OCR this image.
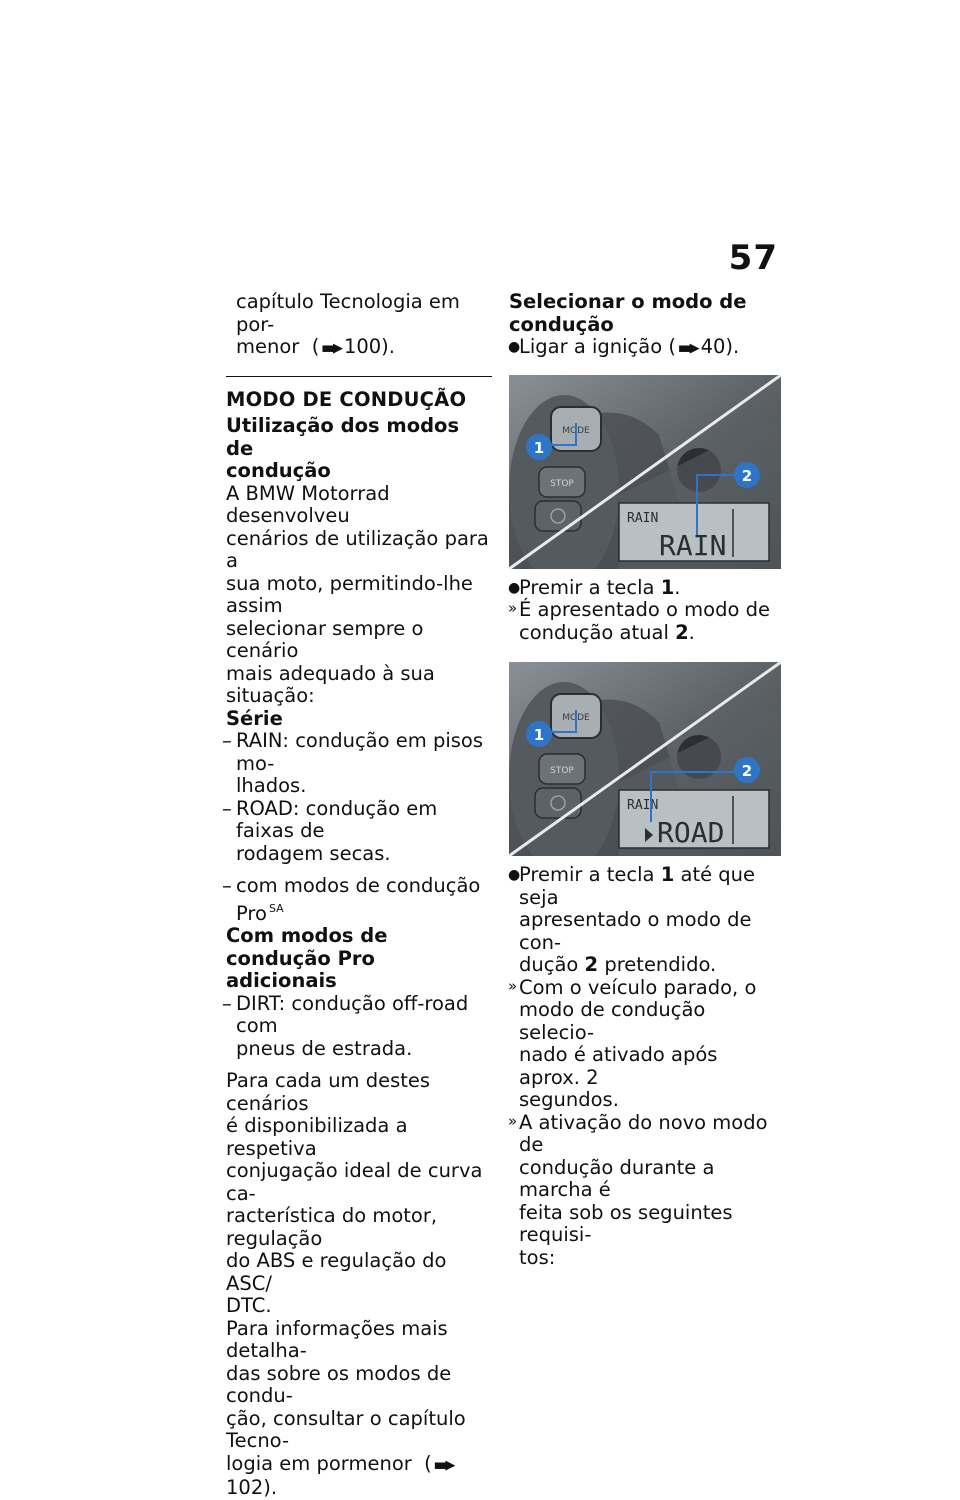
57

capítulo Tecnologia em por-

menor  ( ▪▪▶ 100).

MODO DE CONDUÇÃO

Utilização dos modos de

condução

A BMW Motorrad desenvolveu

cenários de utilização para a

sua moto, permitindo-lhe assim

selecionar sempre o cenário

mais adequado à sua situação:

Série

– RAIN: condução em pisos mo-
lhados.
– ROAD: condução em faixas de
rodagem secas.
– com modos de condução
Pro $^{SA}$

Com modos de condução Pro

adicionais

– DIRT: condução off-road com
pneus de estrada.

Para cada um destes cenários

é disponibilizada a respetiva

conjugação ideal de curva ca-

racterística do motor, regulação

do ABS e regulação do ASC/

DTC.

Para informações mais detalha-

das sobre os modos de condu-

ção, consultar o capítulo Tecno-

logia em pormenor  ( ▪▪▶102).

Selecionar o modo de

condução

●
Ligar a ignição ( ▪▪▶ 40).
MODE
STOP
RAIN
RAIN
1
2
●
Premir a tecla 1.
» É apresentado o modo de
condução atual 2.
MODE
STOP
RAIN
ROAD
1
2
●
Premir a tecla 1 até que seja
apresentado o modo de con-
dução 2 pretendido.
» Com o veículo parado, o
modo de condução selecio-
nado é ativado após aprox. 2
segundos.
» A ativação do novo modo de
condução durante a marcha é
feita sob os seguintes requisi-
tos:
